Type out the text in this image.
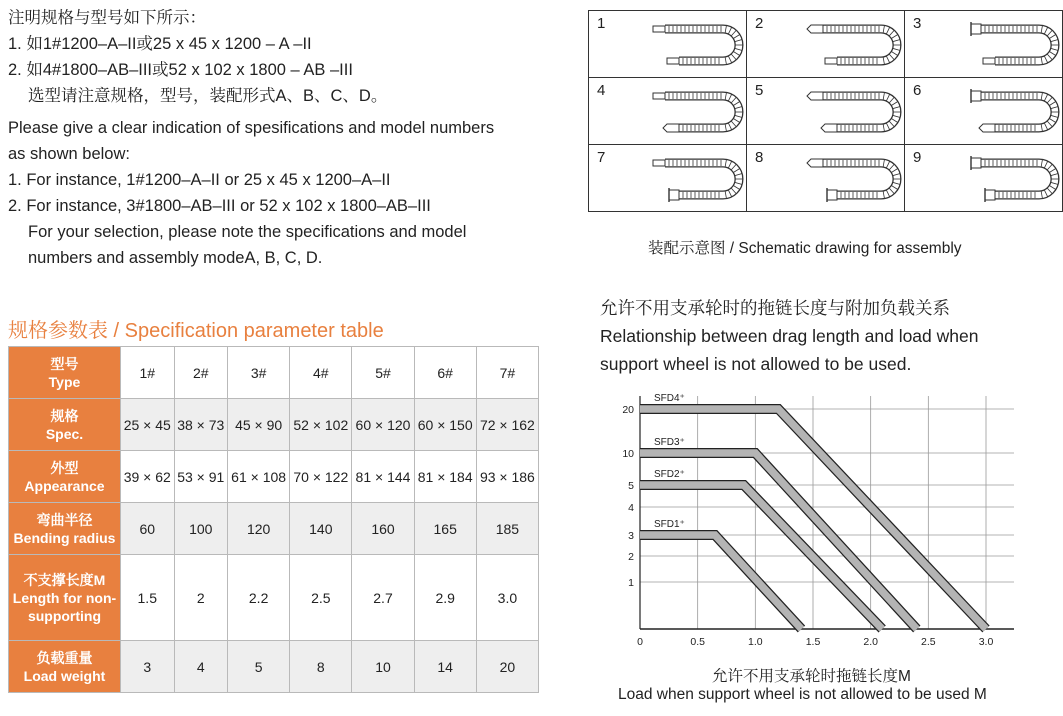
注明规格与型号如下所示：

1. 如1#1200–A–II或25 x 45 x 1200 – A –II

2. 如4#1800–AB–III或52 x 102 x 1800 – AB –III

选型请注意规格，型号，装配形式A、B、C、D。

Please give a clear indication of spesifications and model numbers

as shown below:

1. For instance, 1#1200–A–II or 25 x 45 x 1200–A–II

2. For instance, 3#1800–AB–III or 52 x 102 x 1800–AB–III

For your selection, please note the specifications and model

numbers and assembly modeA, B, C, D.

规格参数表 / Specification parameter table
型号
Type	1#	2#	3#	4#	5#	6#	7#

规格
Spec.	25 × 45	38 × 73	45 × 90	52 × 102	60 × 120	60 × 150	72 × 162

外型
Appearance	39 × 62	53 × 91	61 × 108	70 × 122	81 × 144	81 × 184	93 × 186

弯曲半径
Bending radius	60	100	120	140	160	165	185

不支撑长度M
Length for non-supporting	1.5	2	2.2	2.5	2.7	2.9	3.0

负载重量
Load weight	3	4	5	8	10	14	20
1	2	3

4	5	6

7	8	9
装配示意图 / Schematic drawing for assembly

允许不用支承轮时的拖链长度与附加负载关系

Relationship between drag length and load when

support wheel is not allowed to be used.

20
10
5
4
3
2
1
0	0.5	1.0	1.5	2.0	2.5	3.0
SFD4⁺
SFD3⁺
SFD2⁺
SFD1⁺
允许不用支承轮时拖链长度M
Load when support wheel is not allowed to be used M
